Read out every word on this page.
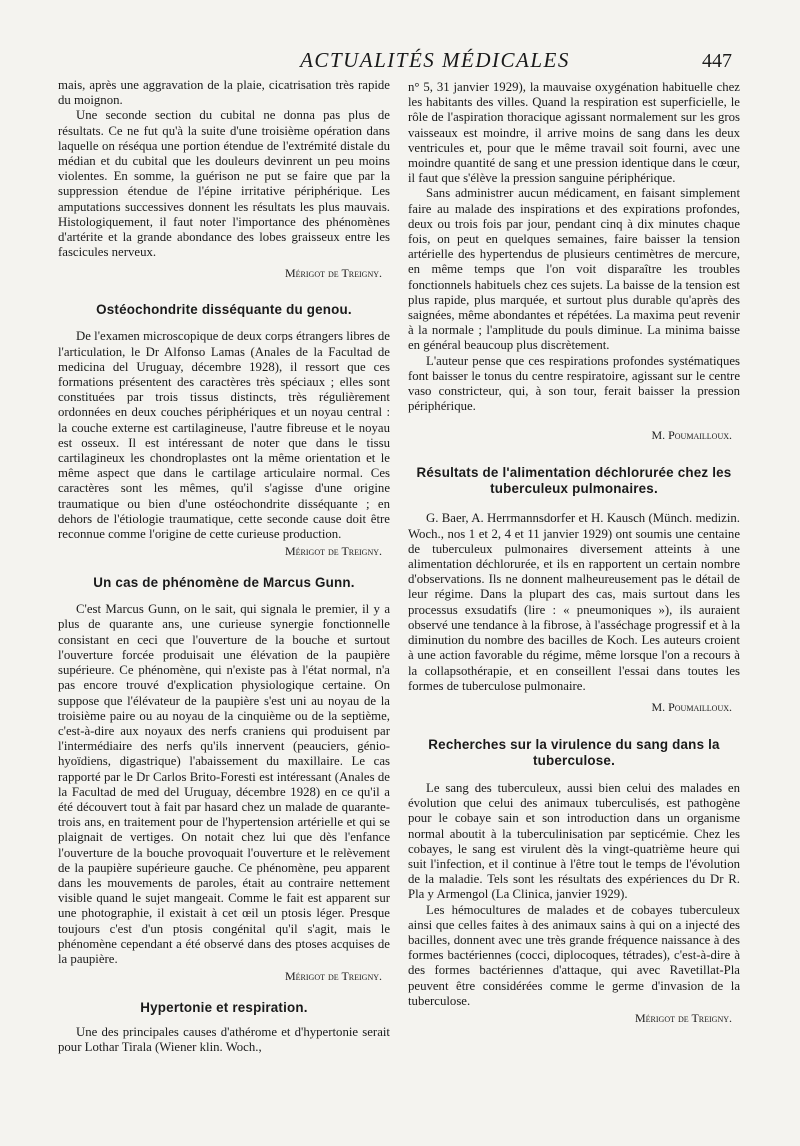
ACTUALITÉS MÉDICALES	447

mais, après une aggravation de la plaie, cicatrisation très rapide du moignon.

Une seconde section du cubital ne donna pas plus de résultats. Ce ne fut qu'à la suite d'une troisième opération dans laquelle on réséqua une portion étendue de l'extrémité distale du médian et du cubital que les douleurs devinrent un peu moins violentes. En somme, la guérison ne put se faire que par la suppression étendue de l'épine irritative périphérique. Les amputations successives donnent les résultats les plus mauvais. Histologiquement, il faut noter l'importance des phénomènes d'artérite et la grande abondance des lobes graisseux entre les fascicules nerveux.

Mérigot de Treigny.
Ostéochondrite disséquante du genou.

De l'examen microscopique de deux corps étrangers libres de l'articulation, le Dr Alfonso Lamas (Anales de la Facultad de medicina del Uruguay, décembre 1928), il ressort que ces formations présentent des caractères très spéciaux ; elles sont constituées par trois tissus distincts, très régulièrement ordonnées en deux couches périphériques et un noyau central : la couche externe est cartilagineuse, l'autre fibreuse et le noyau est osseux. Il est intéressant de noter que dans le tissu cartilagineux les chondroplastes ont la même orientation et le même aspect que dans le cartilage articulaire normal. Ces caractères sont les mêmes, qu'il s'agisse d'une origine traumatique ou bien d'une ostéochondrite disséquante ; en dehors de l'étiologie traumatique, cette seconde cause doit être reconnue comme l'origine de cette curieuse production.

Mérigot de Treigny.
Un cas de phénomène de Marcus Gunn.

C'est Marcus Gunn, on le sait, qui signala le premier, il y a plus de quarante ans, une curieuse synergie fonctionnelle consistant en ceci que l'ouverture de la bouche et surtout l'ouverture forcée produisait une élévation de la paupière supérieure. Ce phénomène, qui n'existe pas à l'état normal, n'a pas encore trouvé d'explication physiologique certaine. On suppose que l'élévateur de la paupière s'est uni au noyau de la troisième paire ou au noyau de la cinquième ou de la septième, c'est-à-dire aux noyaux des nerfs craniens qui produisent par l'intermédiaire des nerfs qu'ils innervent (peauciers, génio-hyoïdiens, digastrique) l'abaissement du maxillaire. Le cas rapporté par le Dr Carlos Brito-Foresti est intéressant (Anales de la Facultad de med del Uruguay, décembre 1928) en ce qu'il a été découvert tout à fait par hasard chez un malade de quarante-trois ans, en traitement pour de l'hypertension artérielle et qui se plaignait de vertiges. On notait chez lui que dès l'enfance l'ouverture de la bouche provoquait l'ouverture et le relèvement de la paupière supérieure gauche. Ce phénomène, peu apparent dans les mouvements de paroles, était au contraire nettement visible quand le sujet mangeait. Comme le fait est apparent sur une photographie, il existait à cet œil un ptosis léger. Presque toujours c'est d'un ptosis congénital qu'il s'agit, mais le phénomène cependant a été observé dans des ptoses acquises de la paupière.

Mérigot de Treigny.
Hypertonie et respiration.

Une des principales causes d'athérome et d'hypertonie serait pour Lothar Tirala (Wiener klin. Woch.,

n° 5, 31 janvier 1929), la mauvaise oxygénation habituelle chez les habitants des villes. Quand la respiration est superficielle, le rôle de l'aspiration thoracique agissant normalement sur les gros vaisseaux est moindre, il arrive moins de sang dans les deux ventricules et, pour que le même travail soit fourni, avec une moindre quantité de sang et une pression identique dans le cœur, il faut que s'élève la pression sanguine périphérique.

Sans administrer aucun médicament, en faisant simplement faire au malade des inspirations et des expirations profondes, deux ou trois fois par jour, pendant cinq à dix minutes chaque fois, on peut en quelques semaines, faire baisser la tension artérielle des hypertendus de plusieurs centimètres de mercure, en même temps que l'on voit disparaître les troubles fonctionnels habituels chez ces sujets. La baisse de la tension est plus rapide, plus marquée, et surtout plus durable qu'après des saignées, même abondantes et répétées. La maxima peut revenir à la normale ; l'amplitude du pouls diminue. La minima baisse en général beaucoup plus discrètement.

L'auteur pense que ces respirations profondes systématiques font baisser le tonus du centre respiratoire, agissant sur le centre vaso constricteur, qui, à son tour, ferait baisser la pression périphérique.

M. Poumailloux.
Résultats de l'alimentation déchlorurée chez les tuberculeux pulmonaires.

G. Baer, A. Herrmannsdorfer et H. Kausch (Münch. medizin. Woch., nos 1 et 2, 4 et 11 janvier 1929) ont soumis une centaine de tuberculeux pulmonaires diversement atteints à une alimentation déchlorurée, et ils en rapportent un certain nombre d'observations. Ils ne donnent malheureusement pas le détail de leur régime. Dans la plupart des cas, mais surtout dans les processus exsudatifs (lire : « pneumoniques »), ils auraient observé une tendance à la fibrose, à l'asséchage progressif et à la diminution du nombre des bacilles de Koch. Les auteurs croient à une action favorable du régime, même lorsque l'on a recours à la collapsothérapie, et en conseillent l'essai dans toutes les formes de tuberculose pulmonaire.

M. Poumailloux.
Recherches sur la virulence du sang dans la tuberculose.

Le sang des tuberculeux, aussi bien celui des malades en évolution que celui des animaux tuberculisés, est pathogène pour le cobaye sain et son introduction dans un organisme normal aboutit à la tuberculinisation par septicémie. Chez les cobayes, le sang est virulent dès la vingt-quatrième heure qui suit l'infection, et il continue à l'être tout le temps de l'évolution de la maladie. Tels sont les résultats des expériences du Dr R. Pla y Armengol (La Clinica, janvier 1929).

Les hémocultures de malades et de cobayes tuberculeux ainsi que celles faites à des animaux sains à qui on a injecté des bacilles, donnent avec une très grande fréquence naissance à des formes bactériennes (cocci, diplocoques, tétrades), c'est-à-dire à des formes bactériennes d'attaque, qui avec Ravetillat-Pla peuvent être considérées comme le germe d'invasion de la tuberculose.

Mérigot de Treigny.
